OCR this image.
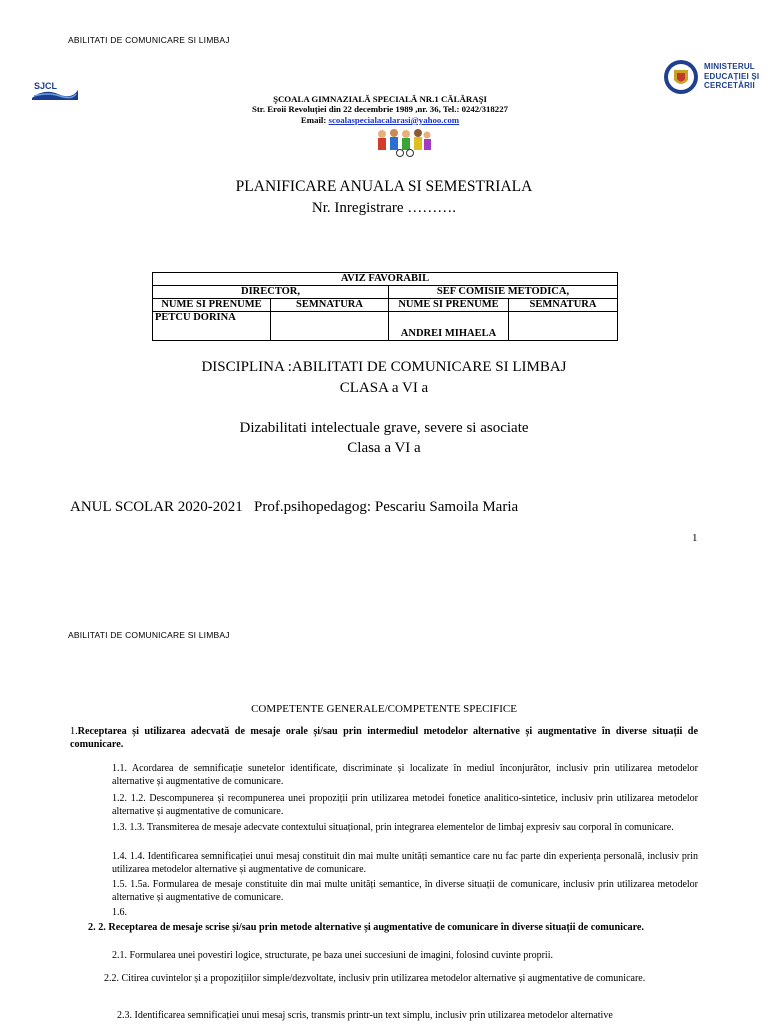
ABILITATI DE COMUNICARE SI LIMBAJ
SJCL
ŞCOALA GIMNAZIALĂ SPECIALĂ NR.1 CĂLĂRAŞI
Str. Eroii Revoluției din 22 decembrie 1989 ,nr. 36, Tel.: 0242/318227
Email: scoalaspecialacalarasi@yahoo.com
MINISTERUL
EDUCAȚIEI ȘI
CERCETĂRII
PLANIFICARE ANUALA SI SEMESTRIALA
Nr. Inregistrare ……….
AVIZ FAVORABIL			
DIRECTOR,		SEF COMISIE METODICA,	
NUME SI PRENUME	SEMNATURA	NUME SI PRENUME	SEMNATURA
PETCU DORINA		ANDREI MIHAELA	
DISCIPLINA :ABILITATI DE COMUNICARE SI LIMBAJ
CLASA a VI a
Dizabilitati intelectuale grave, severe si asociate
Clasa a VI a
ANUL SCOLAR 2020-2021   Prof.psihopedagog: Pescariu Samoila Maria
1
ABILITATI DE COMUNICARE SI LIMBAJ
COMPETENTE GENERALE/COMPETENTE SPECIFICE
1.Receptarea și utilizarea adecvată de mesaje orale și/sau prin intermediul metodelor alternative și augmentative în diverse situații de comunicare.
1.1. Acordarea de semnificație sunetelor identificate, discriminate și localizate în mediul înconjurător, inclusiv prin utilizarea metodelor alternative și augmentative de comunicare.
1.2. 1.2. Descompunerea și recompunerea unei propoziții prin utilizarea metodei fonetice analitico-sintetice, inclusiv prin utilizarea metodelor alternative și augmentative de comunicare.
1.3. 1.3. Transmiterea de mesaje adecvate contextului situațional, prin integrarea elementelor de limbaj expresiv sau corporal în comunicare.
1.4. 1.4. Identificarea semnificației unui mesaj constituit din mai multe unități semantice care nu fac parte din experiența personală, inclusiv prin utilizarea metodelor alternative și augmentative de comunicare.
1.5. 1.5a. Formularea de mesaje constituite din mai multe unități semantice, în diverse situații de comunicare, inclusiv prin utilizarea metodelor alternative și augmentative de comunicare.
1.6.
2. 2. Receptarea de mesaje scrise și/sau prin metode alternative și augmentative de comunicare în diverse situații de comunicare.
2.1. Formularea unei povestiri logice, structurate, pe baza unei succesiuni de imagini, folosind cuvinte proprii.
2.2. Citirea cuvintelor și a propozițiilor simple/dezvoltate, inclusiv prin utilizarea metodelor alternative și augmentative de comunicare.
2.3. Identificarea semnificației unui mesaj scris, transmis printr-un text simplu, inclusiv prin utilizarea metodelor alternative
